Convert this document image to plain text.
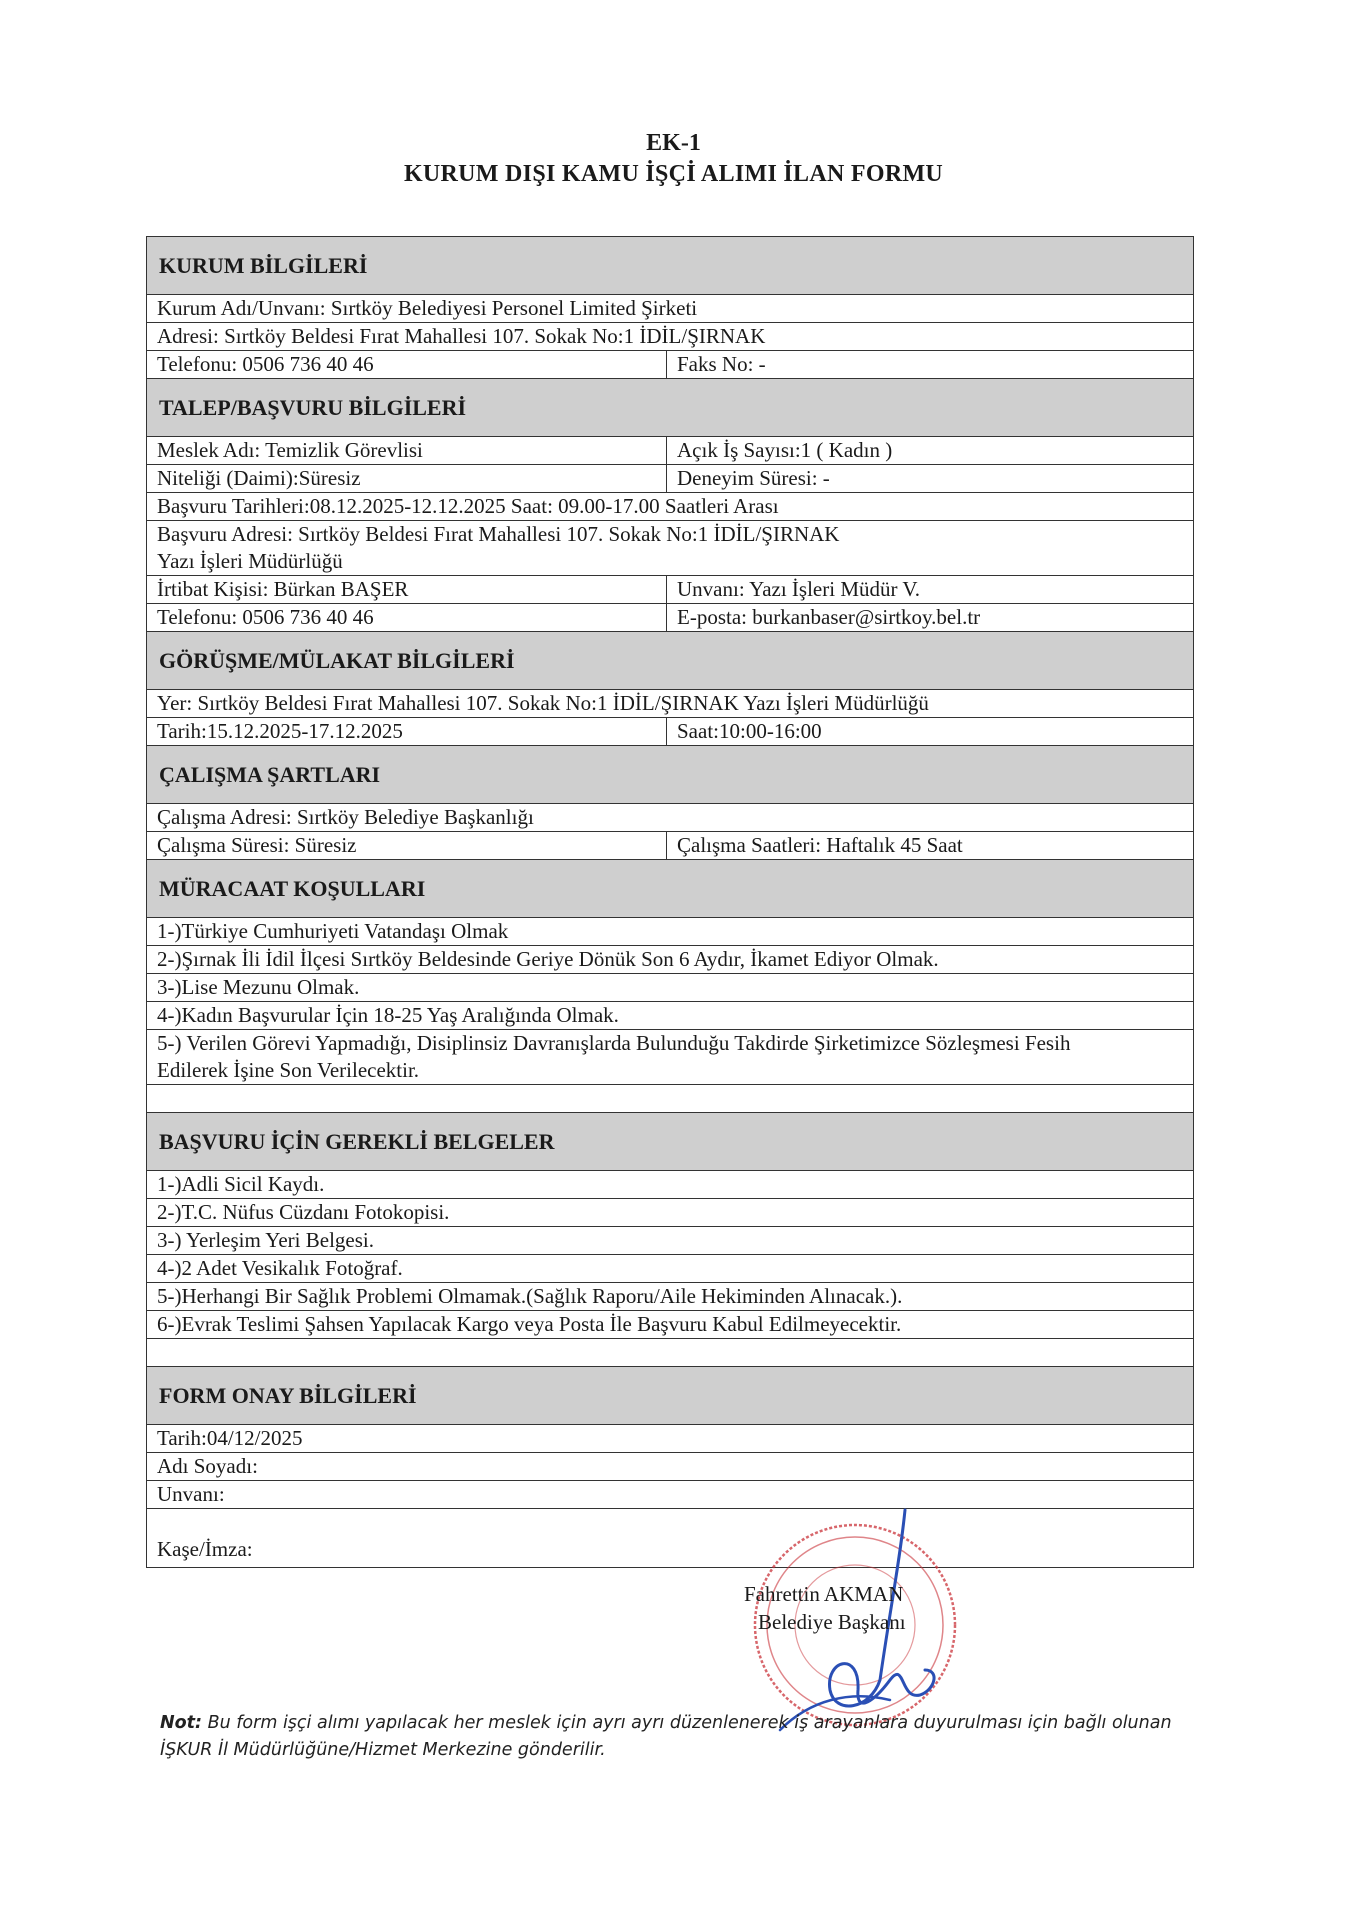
EK-1
KURUM DIŞI KAMU İŞÇİ ALIMI İLAN FORMU
KURUM BİLGİLERİ
Kurum Adı/Unvanı: Sırtköy Belediyesi Personel Limited Şirketi
Adresi: Sırtköy Beldesi Fırat Mahallesi 107. Sokak No:1 İDİL/ŞIRNAK
Telefonu: 0506 736 40 46	Faks No: -
TALEP/BAŞVURU BİLGİLERİ
Meslek Adı: Temizlik Görevlisi	Açık İş Sayısı:1 ( Kadın )
Niteliği (Daimi):Süresiz	Deneyim Süresi: -
Başvuru Tarihleri:08.12.2025-12.12.2025 Saat: 09.00-17.00 Saatleri Arası
Başvuru Adresi: Sırtköy Beldesi Fırat Mahallesi 107. Sokak No:1 İDİL/ŞIRNAK
Yazı İşleri Müdürlüğü
İrtibat Kişisi: Bürkan BAŞER	Unvanı: Yazı İşleri Müdür V.
Telefonu: 0506 736 40 46	E-posta: burkanbaser@sirtkoy.bel.tr
GÖRÜŞME/MÜLAKAT BİLGİLERİ
Yer: Sırtköy Beldesi Fırat Mahallesi 107. Sokak No:1 İDİL/ŞIRNAK Yazı İşleri Müdürlüğü
Tarih:15.12.2025-17.12.2025	Saat:10:00-16:00
ÇALIŞMA ŞARTLARI
Çalışma Adresi: Sırtköy Belediye Başkanlığı
Çalışma Süresi: Süresiz	Çalışma Saatleri: Haftalık 45 Saat
MÜRACAAT KOŞULLARI
1-)Türkiye Cumhuriyeti Vatandaşı Olmak
2-)Şırnak İli İdil İlçesi Sırtköy Beldesinde Geriye Dönük Son 6 Aydır, İkamet Ediyor Olmak.
3-)Lise Mezunu Olmak.
4-)Kadın Başvurular İçin 18-25 Yaş Aralığında Olmak.
5-) Verilen Görevi Yapmadığı, Disiplinsiz Davranışlarda Bulunduğu Takdirde Şirketimizce Sözleşmesi Fesih Edilerek İşine Son Verilecektir.
BAŞVURU İÇİN GEREKLİ BELGELER
1-)Adli Sicil Kaydı.
2-)T.C. Nüfus Cüzdanı Fotokopisi.
3-) Yerleşim Yeri Belgesi.
4-)2 Adet Vesikalık Fotoğraf.
5-)Herhangi Bir Sağlık Problemi Olmamak.(Sağlık Raporu/Aile Hekiminden Alınacak.).
6-)Evrak Teslimi Şahsen Yapılacak Kargo veya Posta İle Başvuru Kabul Edilmeyecektir.
FORM ONAY BİLGİLERİ
Tarih:04/12/2025
Adı Soyadı:
Unvanı:
Kaşe/İmza:
Fahrettin AKMAN
Belediye Başkanı
Not: Bu form işçi alımı yapılacak her meslek için ayrı ayrı düzenlenerek iş arayanlara duyurulması için bağlı olunan İŞKUR İl Müdürlüğüne/Hizmet Merkezine gönderilir.
